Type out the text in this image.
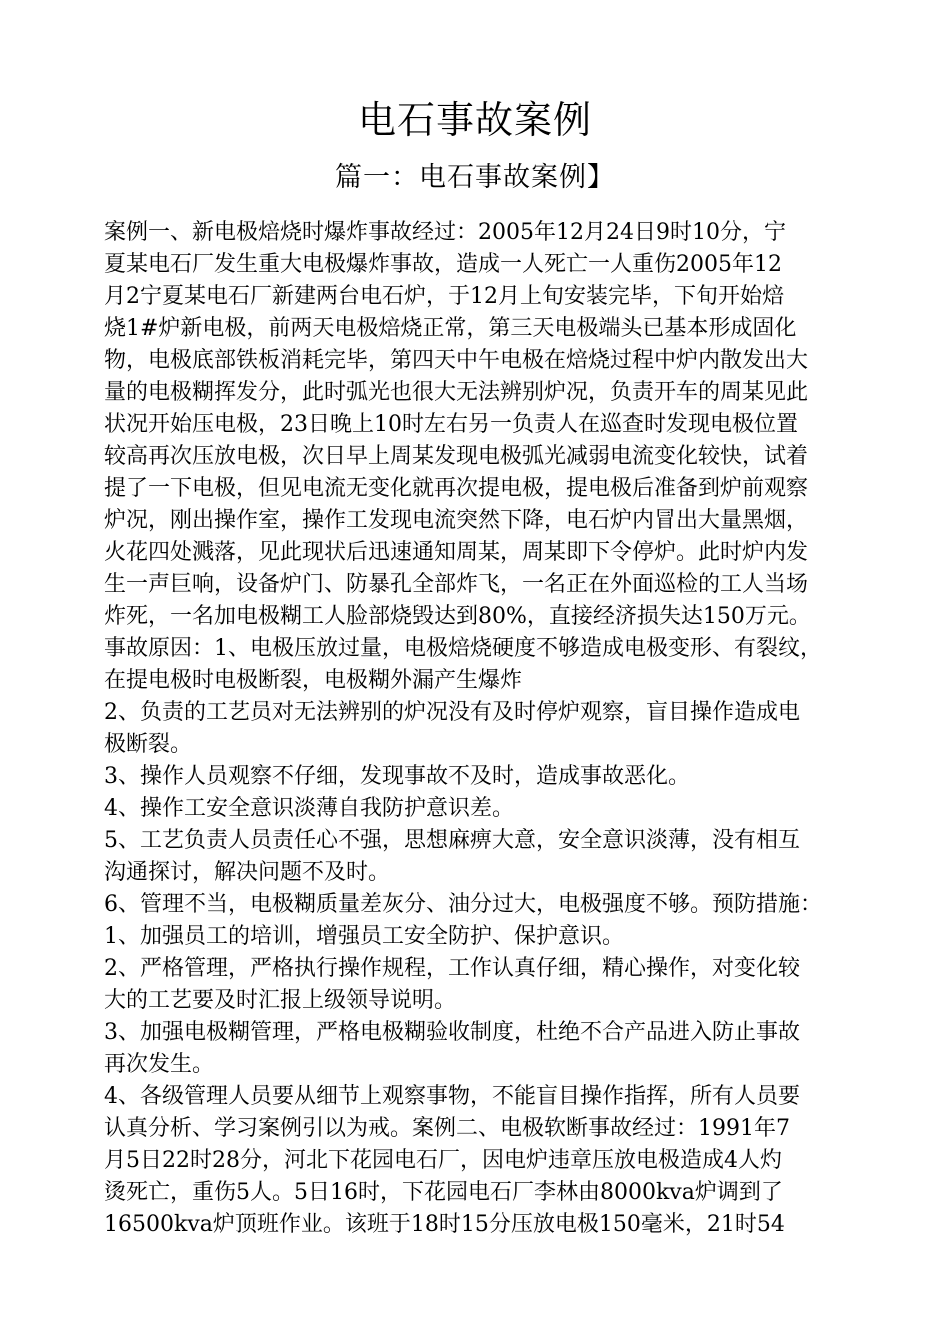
电石事故案例
篇一：电石事故案例】
案例一、新电极焙烧时爆炸事故经过：2005年12月24日9时10分，宁
夏某电石厂发生重大电极爆炸事故，造成一人死亡一人重伤2005年12
月2宁夏某电石厂新建两台电石炉，于12月上旬安装完毕，下旬开始焙
烧1#炉新电极，前两天电极焙烧正常，第三天电极端头已基本形成固化
物，电极底部铁板消耗完毕，第四天中午电极在焙烧过程中炉内散发出大
量的电极糊挥发分，此时弧光也很大无法辨别炉况，负责开车的周某见此
状况开始压电极，23日晚上10时左右另一负责人在巡查时发现电极位置
较高再次压放电极，次日早上周某发现电极弧光减弱电流变化较快，试着
提了一下电极，但见电流无变化就再次提电极，提电极后准备到炉前观察
炉况，刚出操作室，操作工发现电流突然下降，电石炉内冒出大量黑烟，
火花四处溅落，见此现状后迅速通知周某，周某即下令停炉。此时炉内发
生一声巨响，设备炉门、防暴孔全部炸飞，一名正在外面巡检的工人当场
炸死，一名加电极糊工人脸部烧毁达到80%，直接经济损失达150万元。
事故原因：1、电极压放过量，电极焙烧硬度不够造成电极变形、有裂纹，
在提电极时电极断裂，电极糊外漏产生爆炸
2、负责的工艺员对无法辨别的炉况没有及时停炉观察，盲目操作造成电
极断裂。
3、操作人员观察不仔细，发现事故不及时，造成事故恶化。
4、操作工安全意识淡薄自我防护意识差。
5、工艺负责人员责任心不强，思想麻痹大意，安全意识淡薄，没有相互
沟通探讨，解决问题不及时。
6、管理不当，电极糊质量差灰分、油分过大，电极强度不够。预防措施：
1、加强员工的培训，增强员工安全防护、保护意识。
2、严格管理，严格执行操作规程，工作认真仔细，精心操作，对变化较
大的工艺要及时汇报上级领导说明。
3、加强电极糊管理，严格电极糊验收制度，杜绝不合产品进入防止事故
再次发生。
4、各级管理人员要从细节上观察事物，不能盲目操作指挥，所有人员要
认真分析、学习案例引以为戒。案例二、电极软断事故经过：1991年7
月5日22时28分，河北下花园电石厂，因电炉违章压放电极造成4人灼
烫死亡，重伤5人。5日16时，下花园电石厂李林由8000kva炉调到了
16500kva炉顶班作业。该班于18时15分压放电极150毫米，21时54
